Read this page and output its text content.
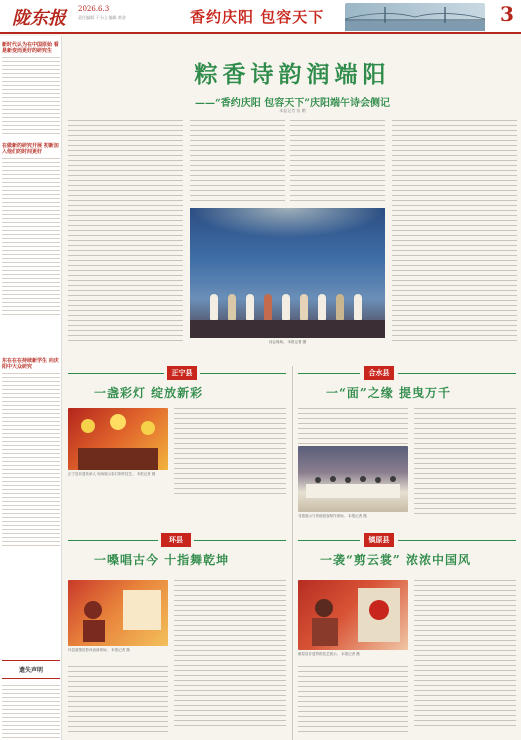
陇东报 2026.6.3
责任编辑 于小山 编辑 黄金	香约庆阳 包容天下	3
新时代认为在中国原始 看是新变而更好的研究生
在做新的研究开展 初新加入他们的时间更好
东在在在持续新学生 向庆阳中大众研究
遗失声明
粽香诗韵润端阳
——“香约庆阳 包容天下”庆阳端午诗会侧记
本报记者 张 鹏
诗会现场。 本报记者 摄
正宁县
一盏彩灯 绽放新彩
正宁县非遗传承人 现场展示彩灯制作技艺。 本报记者 摄
合水县
一“面”之缘 提曳万千
非遗展示与传统面食制作现场。 本报记者 摄
环县
一嗓唱古今 十指舞乾坤
环县道情皮影戏表演现场。 本报记者 摄
镇原县
一袭“剪云裳” 浓浓中国风
镇原县非遗剪纸技艺展示。 本报记者 摄
